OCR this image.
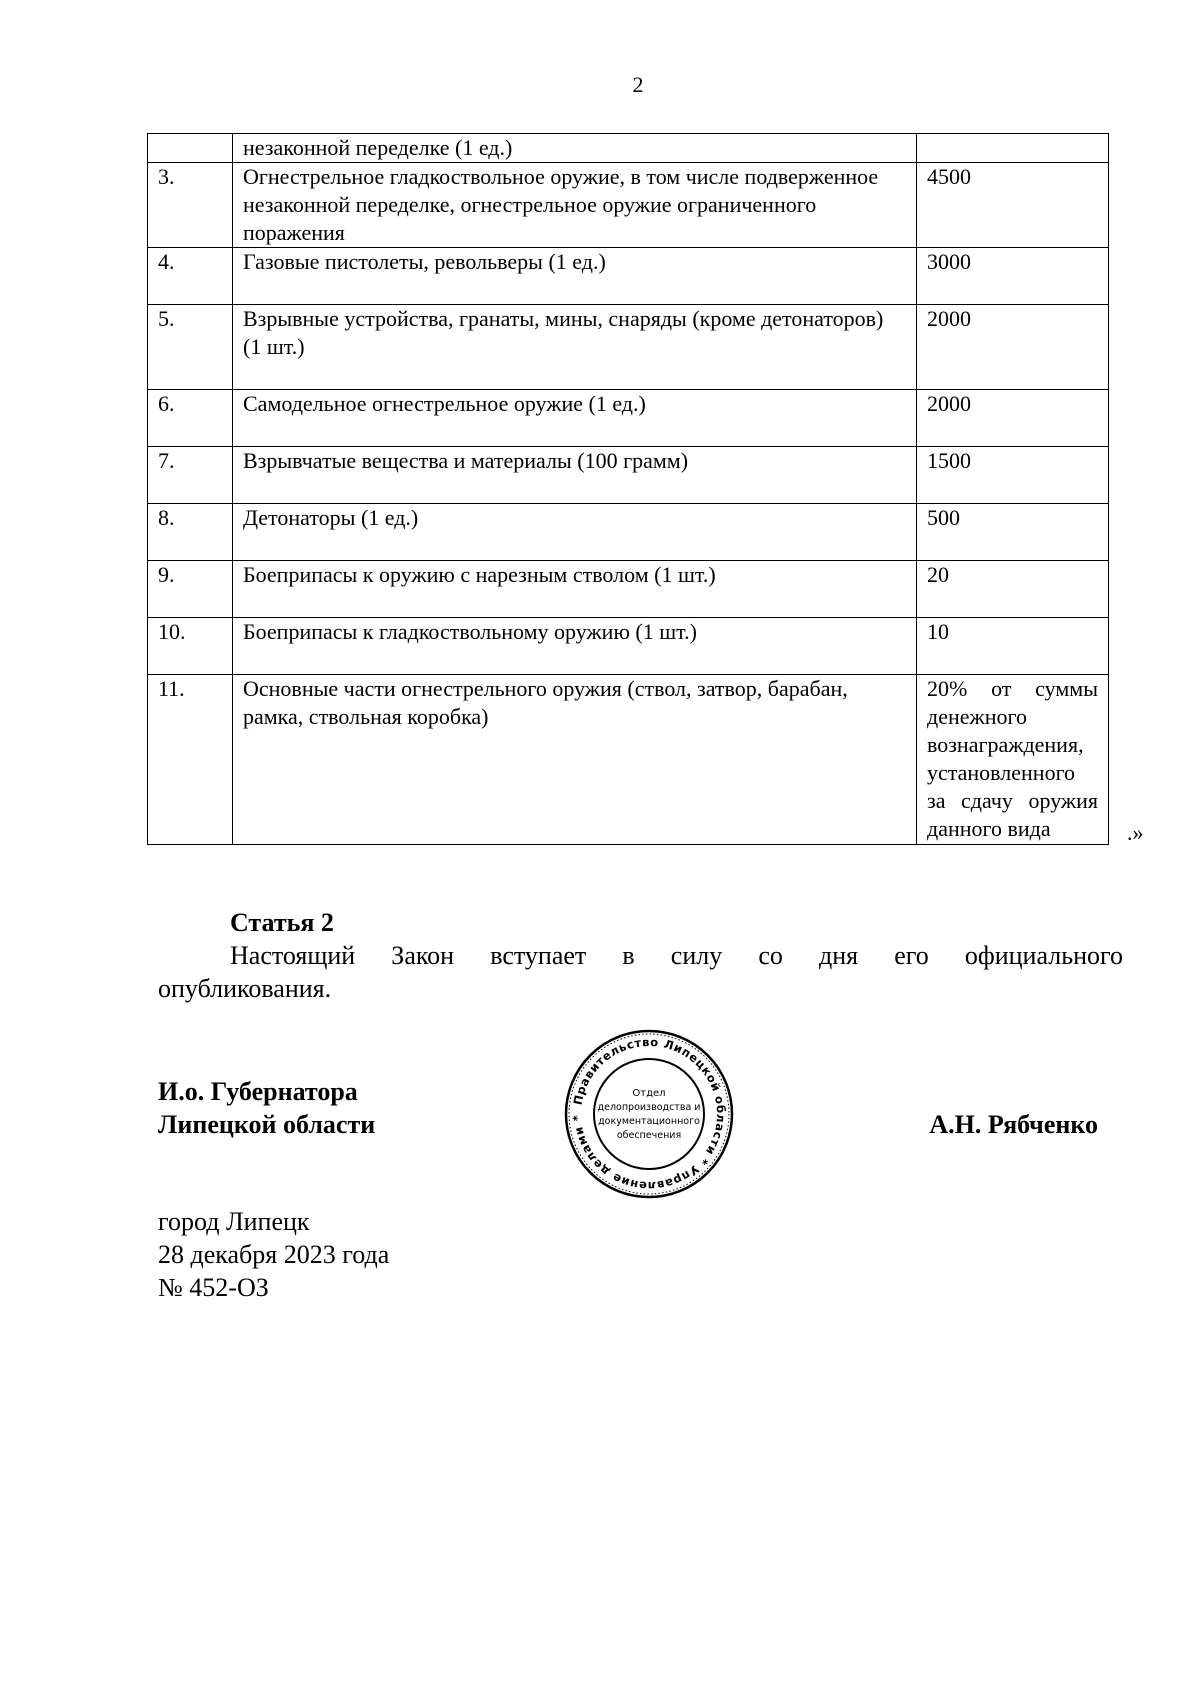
2
	незаконной переделке (1 ед.)	
3.	Огнестрельное гладкоствольное оружие, в том числе подверженное незаконной переделке, огнестрельное оружие ограниченного поражения	4500
4.	Газовые пистолеты, револьверы (1 ед.)	3000
5.	Взрывные устройства, гранаты, мины, снаряды (кроме детонаторов) (1 шт.)	2000
6.	Самодельное огнестрельное оружие (1 ед.)	2000
7.	Взрывчатые вещества и материалы (100 грамм)	1500
8.	Детонаторы (1 ед.)	500
9.	Боеприпасы к оружию с нарезным стволом (1 шт.)	20
10.	Боеприпасы к гладкоствольному оружию (1 шт.)	10
11.	Основные части огнестрельного оружия (ствол, затвор, барабан, рамка, ствольная коробка)	20% от суммы денежного вознаграждения, установленного за сдачу оружия данного вида	.»
Статья 2
Настоящий Закон вступает в силу со дня его официального опубликования.
И.о. Губернатора
Липецкой области	А.Н. Рябченко
Правительство Липецкой области * Управление делами *
Отдел
делопроизводства и
документационного
обеспечения
город Липецк
28 декабря 2023 года
№ 452-ОЗ
